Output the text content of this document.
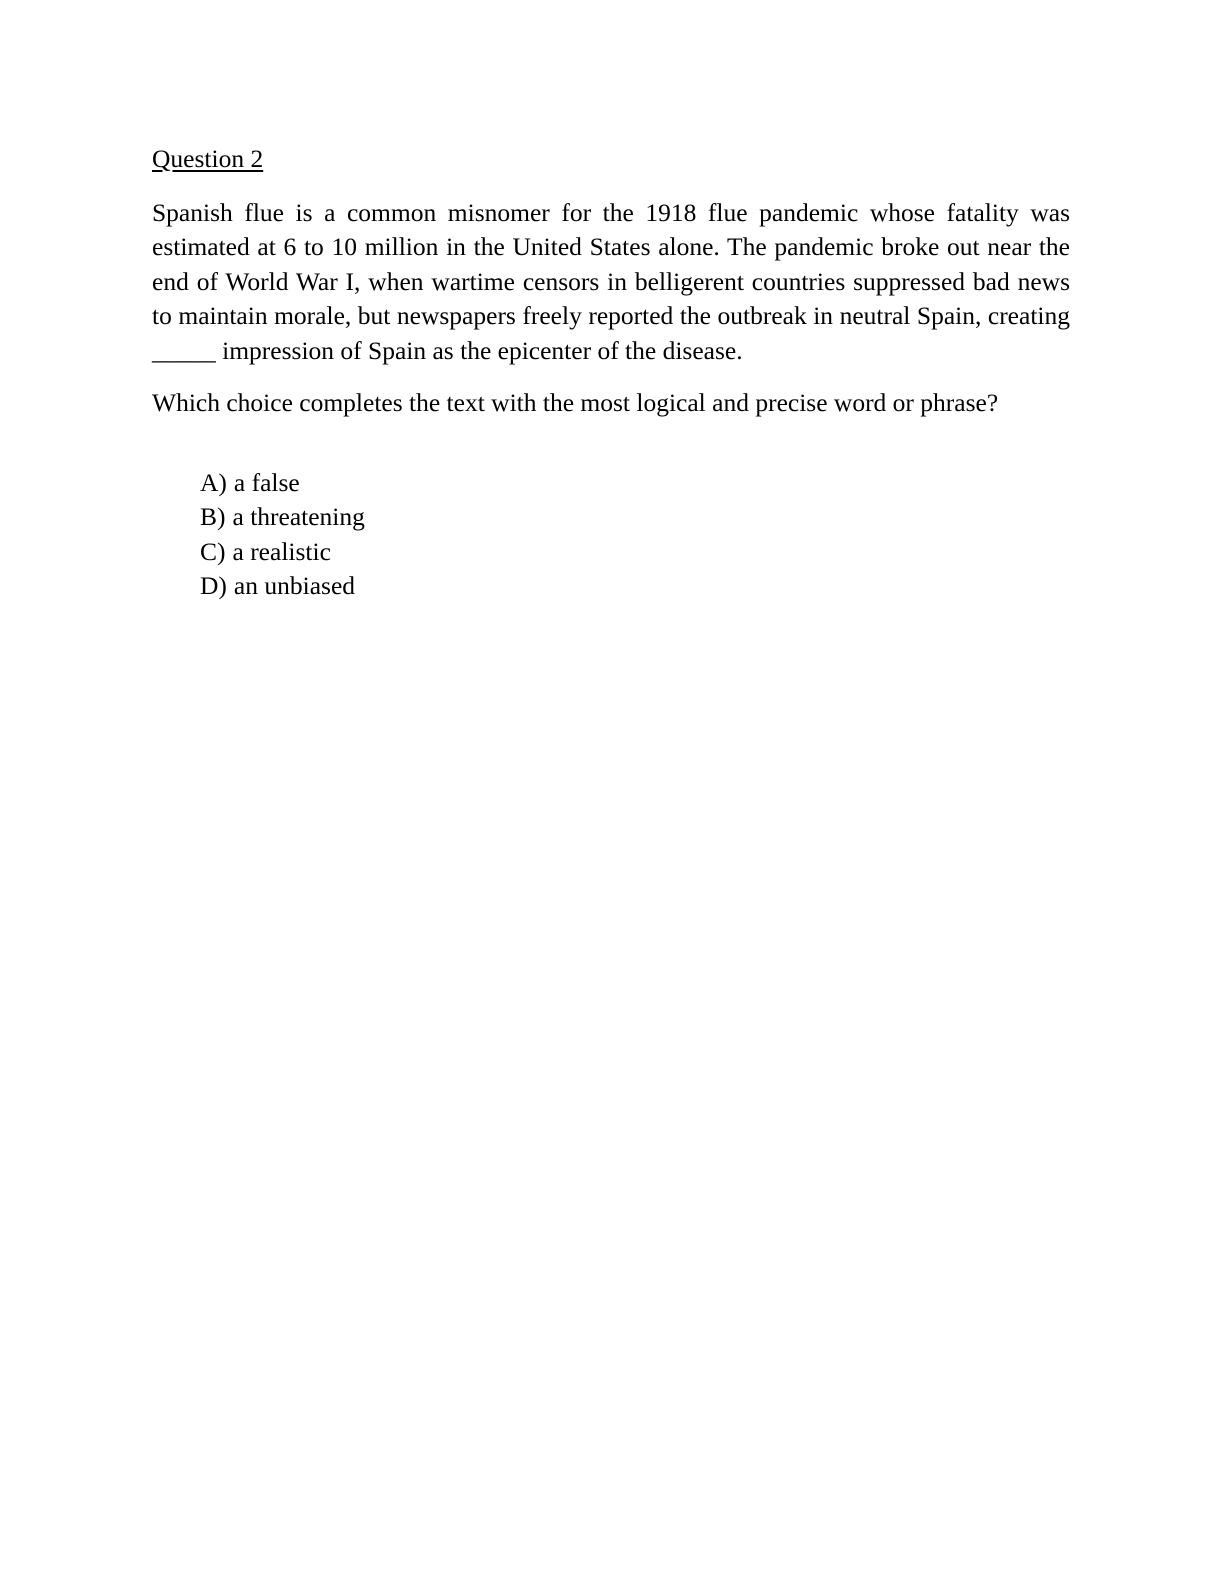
Question 2

Spanish flue is a common misnomer for the 1918 flue pandemic whose fatality was estimated at 6 to 10 million in the United States alone. The pandemic broke out near the end of World War I, when wartime censors in belligerent countries suppressed bad news to maintain morale, but newspapers freely reported the outbreak in neutral Spain, creating _____ impression of Spain as the epicenter of the disease.

Which choice completes the text with the most logical and precise word or phrase?

A) a false
B) a threatening
C) a realistic
D) an unbiased
